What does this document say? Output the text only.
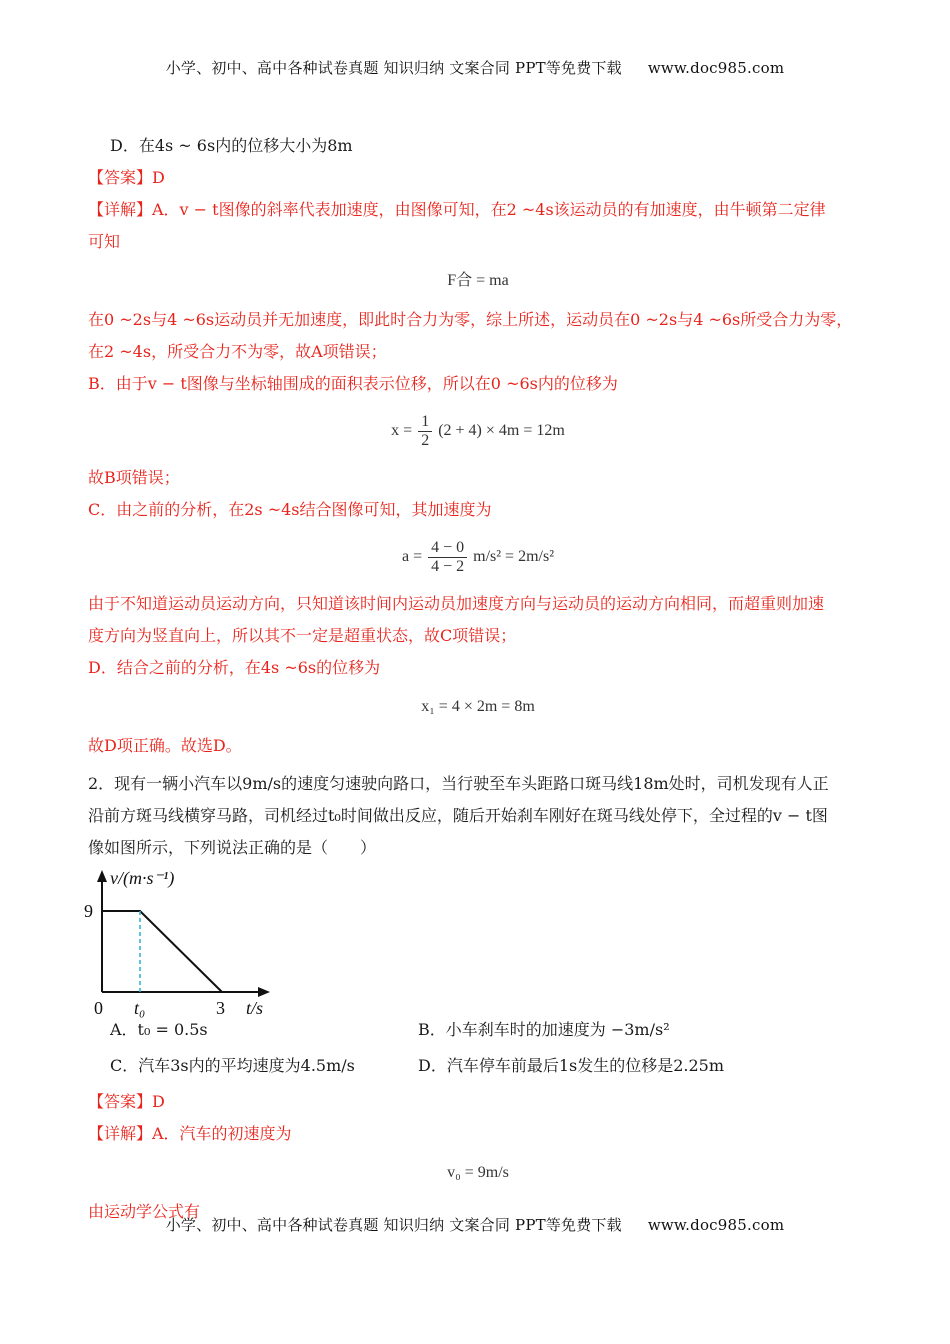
小学、初中、高中各种试卷真题 知识归纳 文案合同 PPT等免费下载 www.doc985.com
D．在4s ~ 6s内的位移大小为8m
【答案】D
【详解】A．v − t图像的斜率代表加速度，由图像可知，在2 ~4s该运动员的有加速度，由牛顿第二定律
可知
F合 = ma
在0 ~2s与4 ~6s运动员并无加速度，即此时合力为零，综上所述，运动员在0 ~2s与4 ~6s所受合力为零，
在2 ~4s，所受合力不为零，故A项错误；
B．由于v − t图像与坐标轴围成的面积表示位移，所以在0 ~6s内的位移为
$x = \frac{1}{2} (2 + 4) \times 4m = 12m$
故B项错误；
C．由之前的分析，在2s ~4s结合图像可知，其加速度为
$a = \frac{4 - 0}{4 - 2} m/s^2 = 2m/s^2$
由于不知道运动员运动方向，只知道该时间内运动员加速度方向与运动员的运动方向相同，而超重则加速
度方向为竖直向上，所以其不一定是超重状态，故C项错误；
D．结合之前的分析，在4s ~6s的位移为
x₁ = 4 × 2m = 8m
故D项正确。故选D。
2．现有一辆小汽车以9m/s的速度匀速驶向路口，当行驶至车头距路口斑马线18m处时，司机发现有人正
沿前方斑马线横穿马路，司机经过t₀时间做出反应，随后开始刹车刚好在斑马线处停下，全过程的v − t图
像如图所示，下列说法正确的是（　　）
v/(m·s⁻¹)
9
0 t₀	3 t/s
A．t₀ = 0.5s	B．小车刹车时的加速度为 −3m/s²
C．汽车3s内的平均速度为4.5m/s	D．汽车停车前最后1s发生的位移是2.25m
【答案】D
【详解】A．汽车的初速度为
v₀ = 9m/s
由运动学公式有
小学、初中、高中各种试卷真题 知识归纳 文案合同 PPT等免费下载 www.doc985.com
